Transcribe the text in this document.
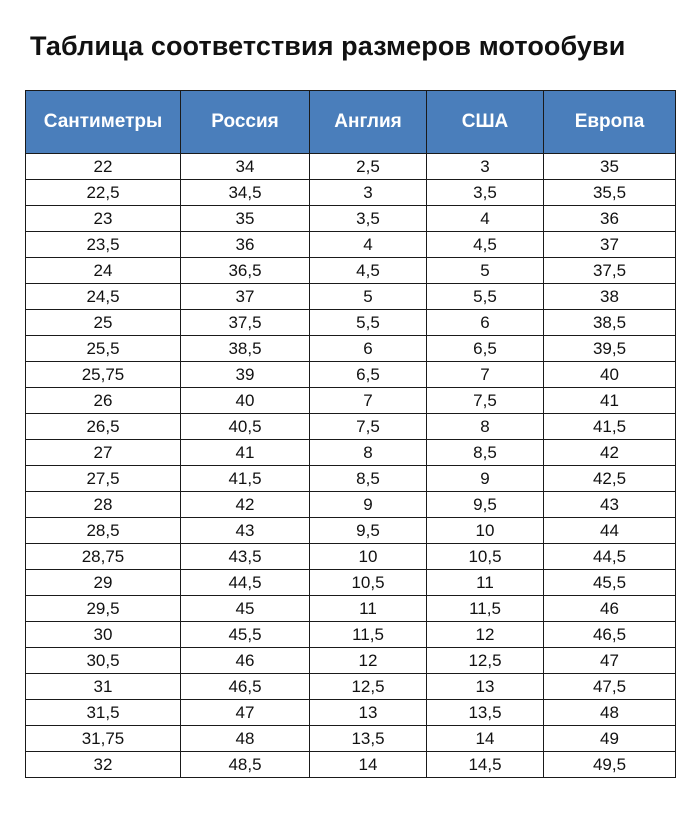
Таблица соответствия размеров мотообуви
Сантиметры	Россия	Англия	США	Европа
22	34	2,5	3	35
22,5	34,5	3	3,5	35,5
23	35	3,5	4	36
23,5	36	4	4,5	37
24	36,5	4,5	5	37,5
24,5	37	5	5,5	38
25	37,5	5,5	6	38,5
25,5	38,5	6	6,5	39,5
25,75	39	6,5	7	40
26	40	7	7,5	41
26,5	40,5	7,5	8	41,5
27	41	8	8,5	42
27,5	41,5	8,5	9	42,5
28	42	9	9,5	43
28,5	43	9,5	10	44
28,75	43,5	10	10,5	44,5
29	44,5	10,5	11	45,5
29,5	45	11	11,5	46
30	45,5	11,5	12	46,5
30,5	46	12	12,5	47
31	46,5	12,5	13	47,5
31,5	47	13	13,5	48
31,75	48	13,5	14	49
32	48,5	14	14,5	49,5
